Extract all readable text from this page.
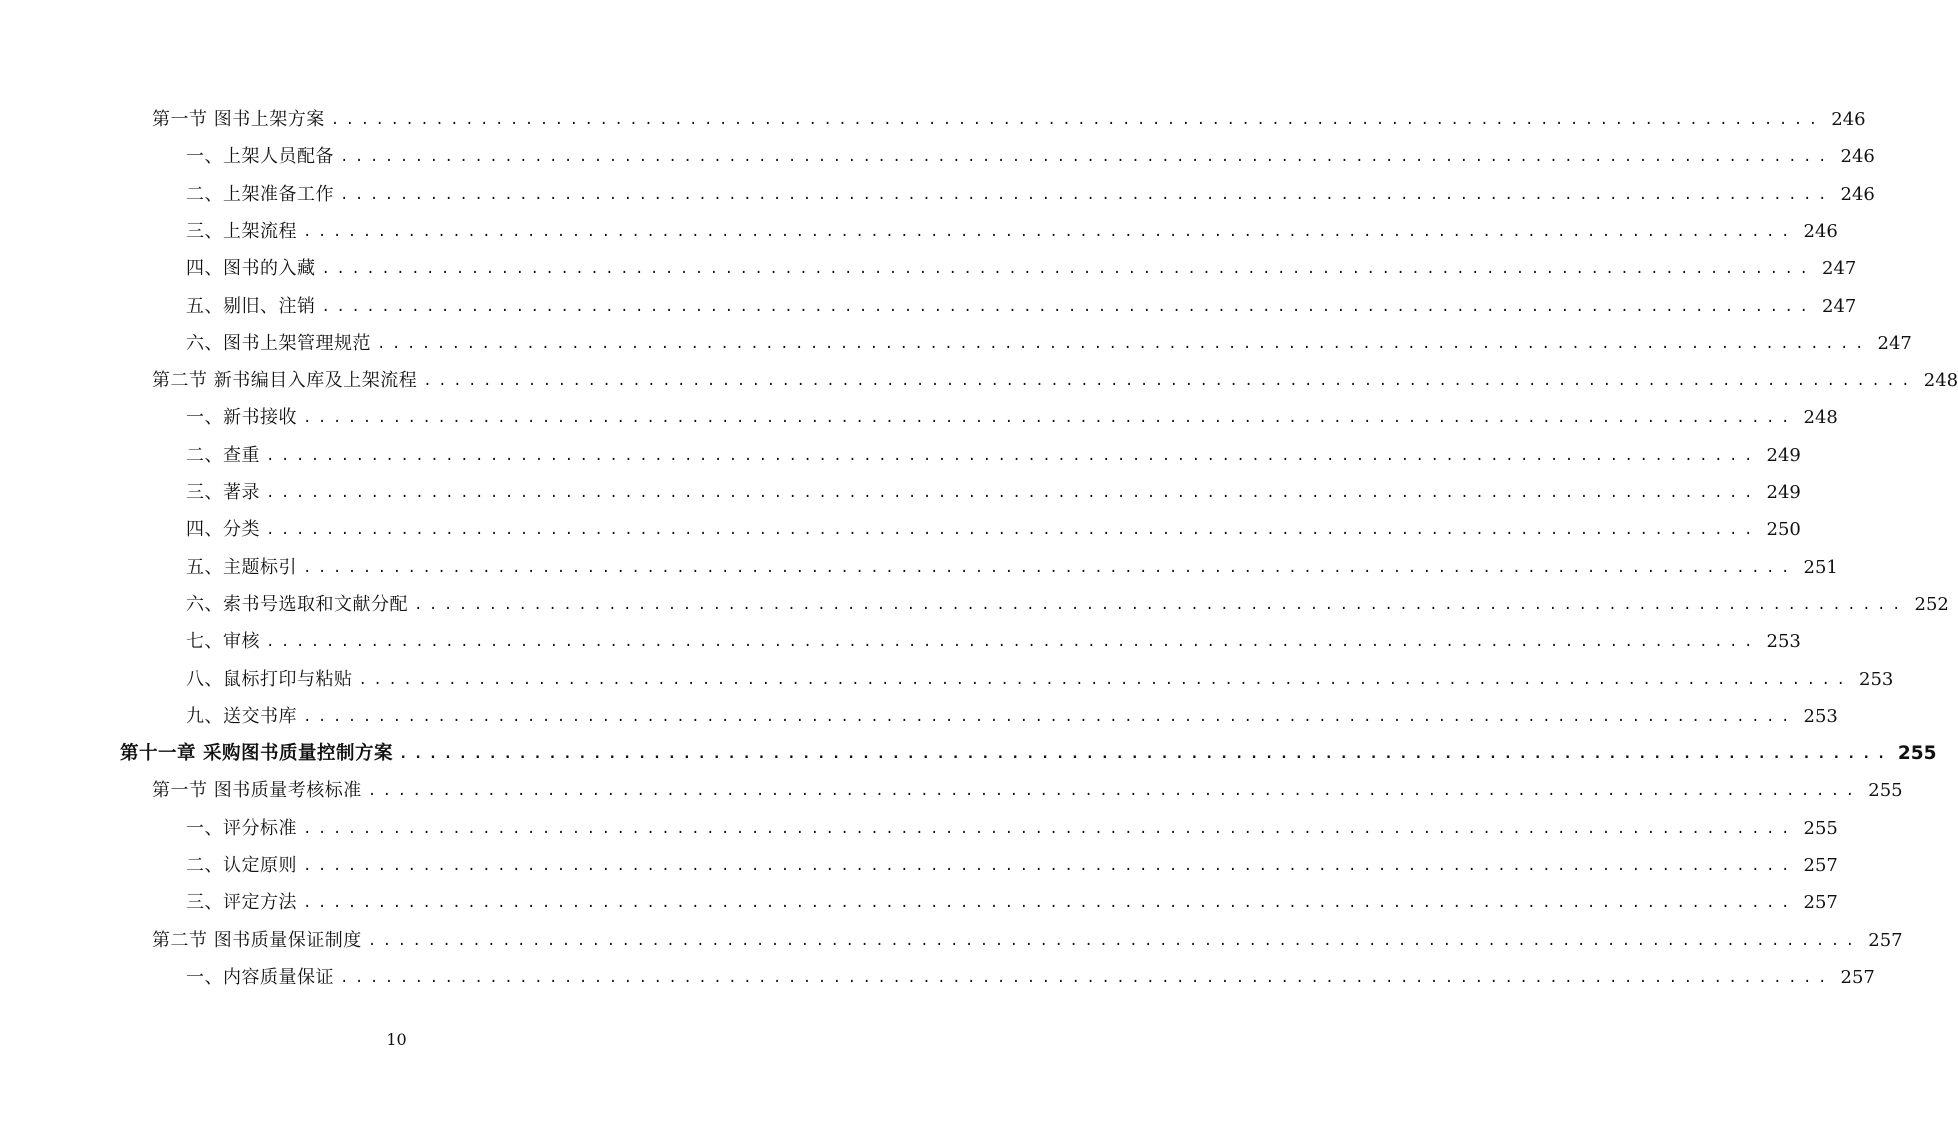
第一节 图书上架方案 .................................................................................................... 246
一、上架人员配备 .................................................................................................... 246
二、上架准备工作 .................................................................................................... 246
三、上架流程 .................................................................................................... 246
四、图书的入藏 .................................................................................................... 247
五、剔旧、注销 .................................................................................................... 247
六、图书上架管理规范 .................................................................................................... 247
第二节 新书编目入库及上架流程 .................................................................................................... 248
一、新书接收 .................................................................................................... 248
二、查重 .................................................................................................... 249
三、著录 .................................................................................................... 249
四、分类 .................................................................................................... 250
五、主题标引 .................................................................................................... 251
六、索书号选取和文献分配 .................................................................................................... 252
七、审核 .................................................................................................... 253
八、鼠标打印与粘贴 .................................................................................................... 253
九、送交书库 .................................................................................................... 253
第十一章 采购图书质量控制方案 .................................................................................................... 255
第一节 图书质量考核标准 .................................................................................................... 255
一、评分标准 .................................................................................................... 255
二、认定原则 .................................................................................................... 257
三、评定方法 .................................................................................................... 257
第二节 图书质量保证制度 .................................................................................................... 257
一、内容质量保证 .................................................................................................... 257
10
